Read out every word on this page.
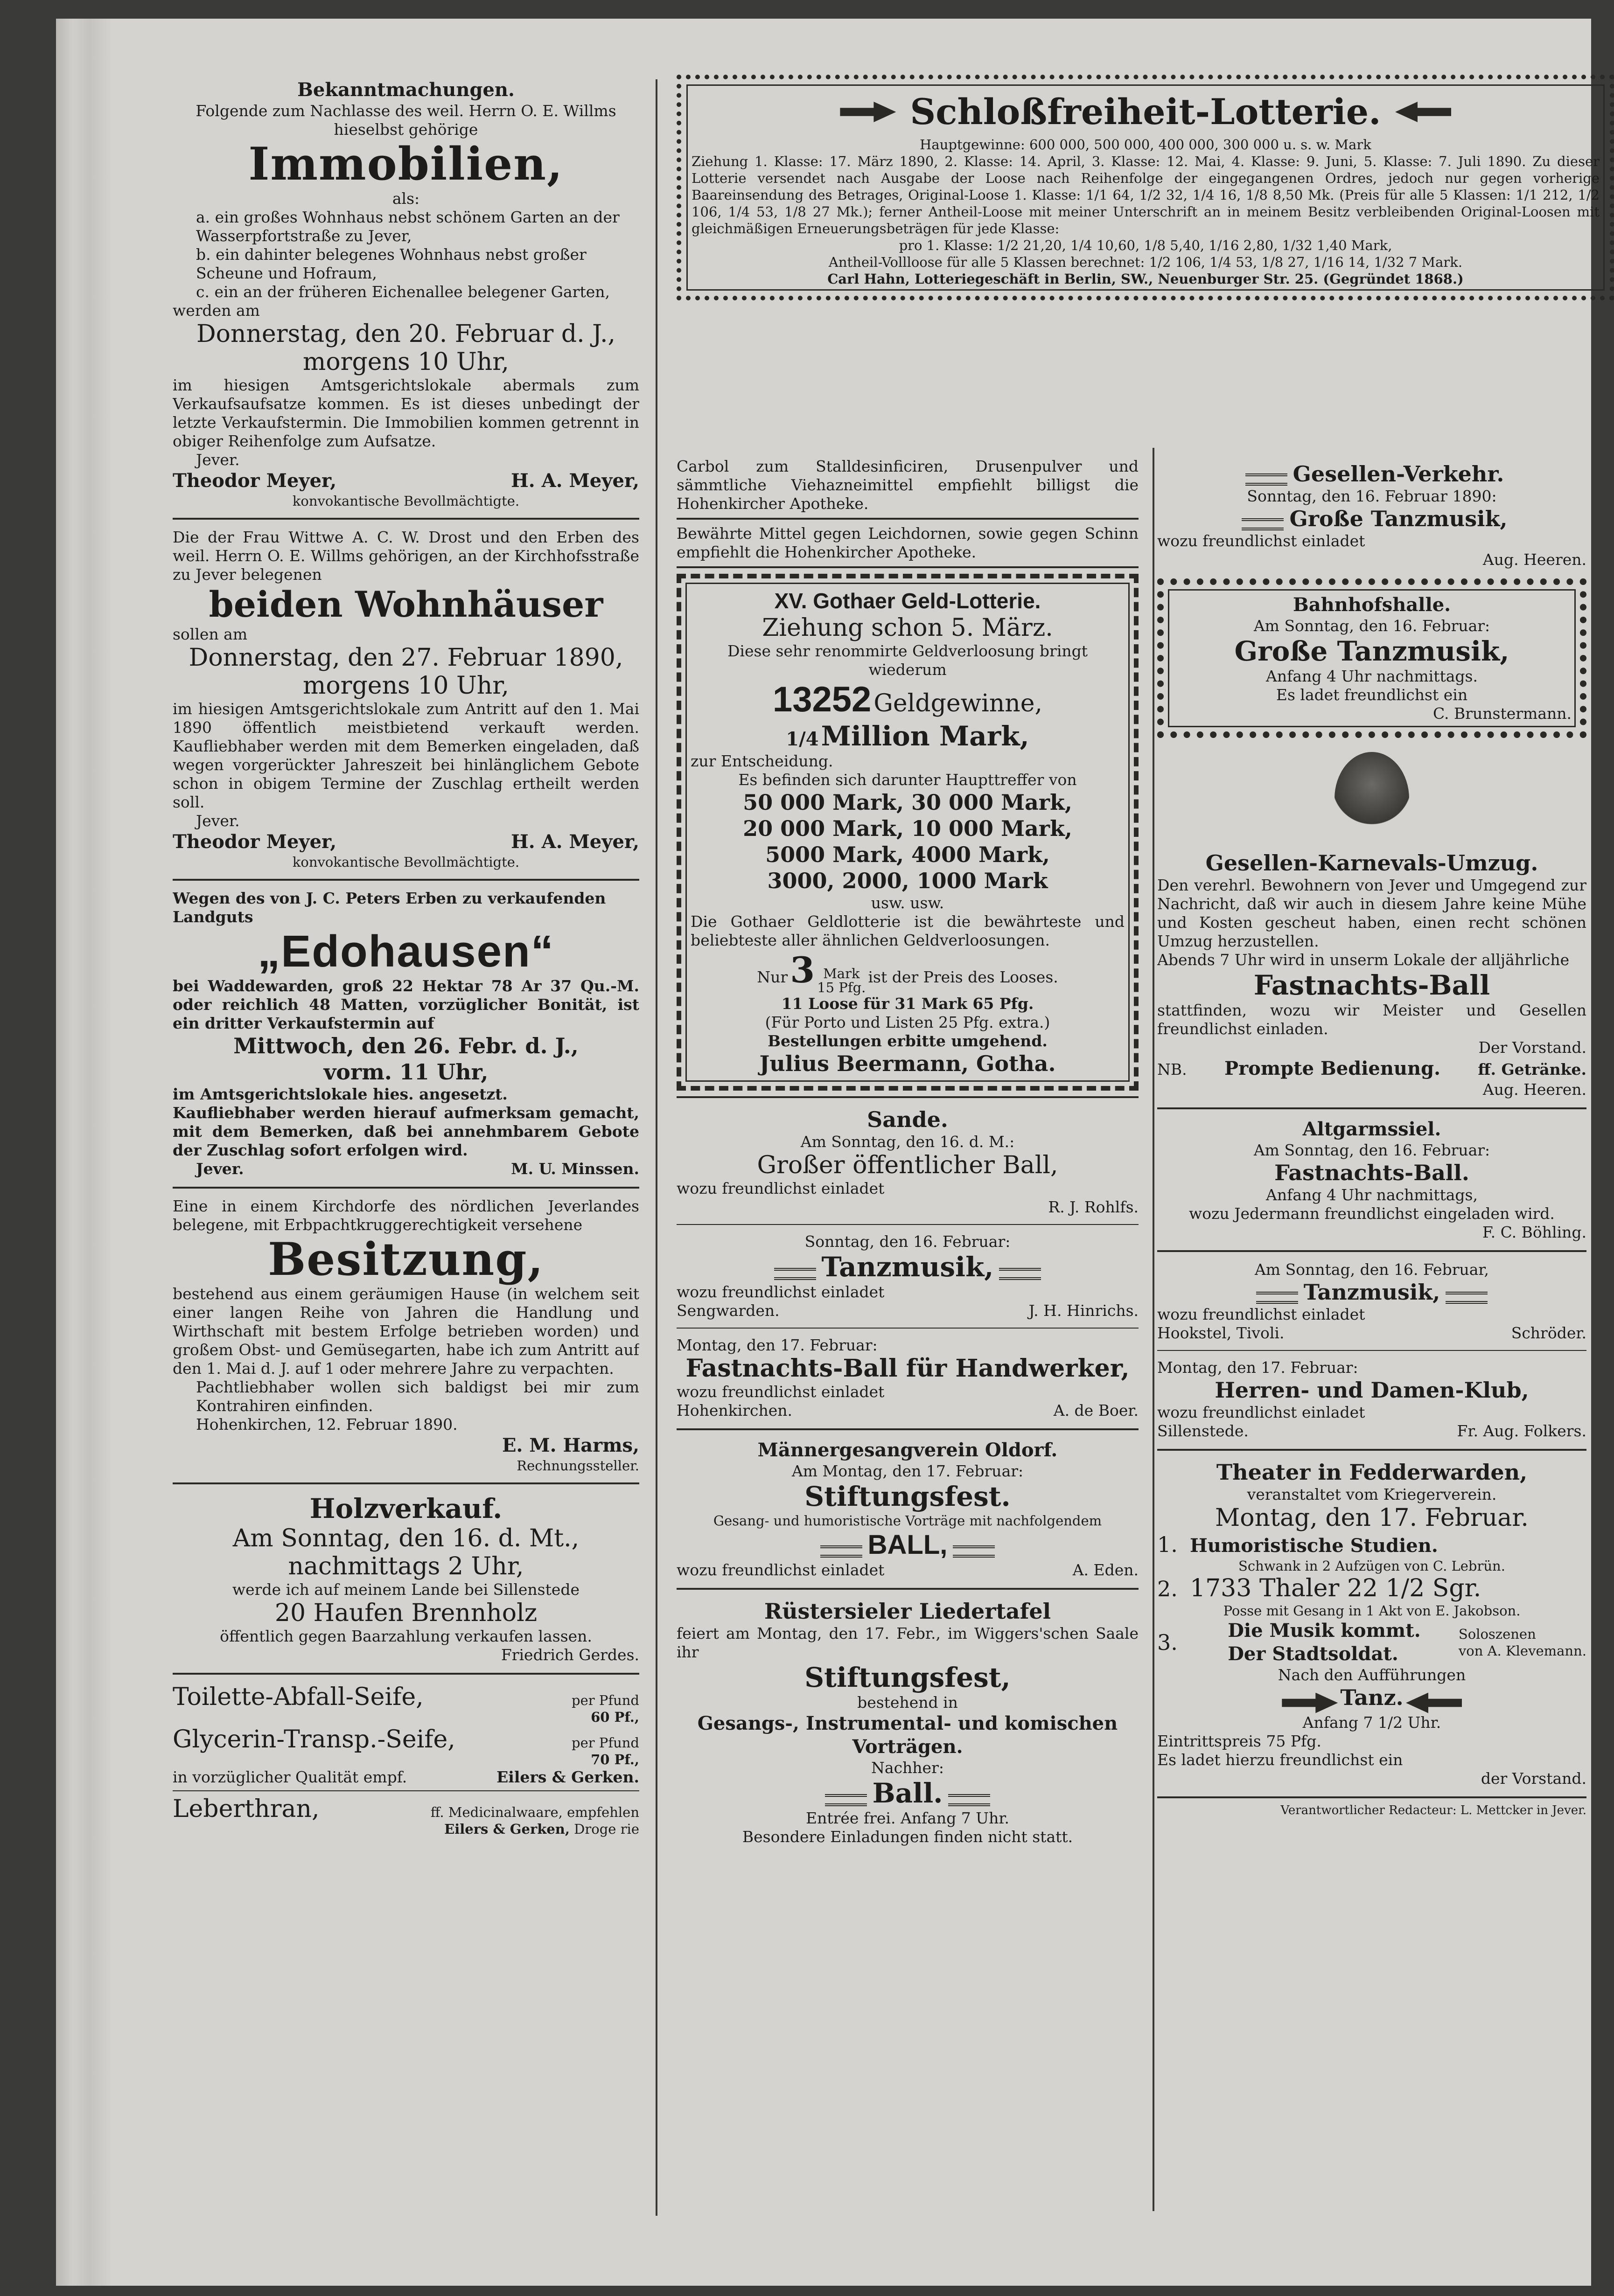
Bekanntmachungen.

Folgende zum Nachlasse des weil. Herrn O. E. Willms hieselbst gehörige

Immobilien,

als:

a. ein großes Wohnhaus nebst schönem Garten an der Wasserpfortstraße zu Jever,

b. ein dahinter belegenes Wohnhaus nebst großer Scheune und Hofraum,

c. ein an der früheren Eichenallee belegener Garten,

werden am

Donnerstag, den 20. Februar d. J.,
morgens 10 Uhr,

im hiesigen Amtsgerichtslokale abermals zum Verkaufsaufsatze kommen. Es ist dieses unbedingt der letzte Verkaufstermin. Die Immobilien kommen getrennt in obiger Reihenfolge zum Aufsatze.

Jever.

Theodor Meyer,	H. A. Meyer,

konvokantische Bevollmächtigte.

Die der Frau Wittwe A. C. W. Drost und den Erben des weil. Herrn O. E. Willms gehörigen, an der Kirchhofsstraße zu Jever belegenen

beiden Wohnhäuser

sollen am

Donnerstag, den 27. Februar 1890,
morgens 10 Uhr,

im hiesigen Amtsgerichtslokale zum Antritt auf den 1. Mai 1890 öffentlich meistbietend verkauft werden. Kaufliebhaber werden mit dem Bemerken eingeladen, daß wegen vorgerückter Jahreszeit bei hinlänglichem Gebote schon in obigem Termine der Zuschlag ertheilt werden soll.

Jever.

Theodor Meyer,	H. A. Meyer,

konvokantische Bevollmächtigte.

Wegen des von J. C. Peters Erben zu verkaufenden Landguts

„Edohausen“

bei Waddewarden, groß 22 Hektar 78 Ar 37 Qu.-M. oder reichlich 48 Matten, vorzüglicher Bonität, ist ein dritter Verkaufstermin auf

Mittwoch, den 26. Febr. d. J.,
vorm. 11 Uhr,

im Amtsgerichtslokale hies. angesetzt.

Kaufliebhaber werden hierauf aufmerksam gemacht, mit dem Bemerken, daß bei annehmbarem Gebote der Zuschlag sofort erfolgen wird.

Jever.	M. U. Minssen.

Eine in einem Kirchdorfe des nördlichen Jeverlandes belegene, mit Erbpachtkruggerechtigkeit versehene

Besitzung,

bestehend aus einem geräumigen Hause (in welchem seit einer langen Reihe von Jahren die Handlung und Wirthschaft mit bestem Erfolge betrieben worden) und großem Obst- und Gemüsegarten, habe ich zum Antritt auf den 1. Mai d. J. auf 1 oder mehrere Jahre zu verpachten.

Pachtliebhaber wollen sich baldigst bei mir zum Kontrahiren einfinden.

Hohenkirchen, 12. Februar 1890.

E. M. Harms,

Rechnungssteller.

Holzverkauf.
Am Sonntag, den 16. d. Mt.,
nachmittags 2 Uhr,

werde ich auf meinem Lande bei Sillenstede

20 Haufen Brennholz

öffentlich gegen Baarzahlung verkaufen lassen.

Friedrich Gerdes.

Toilette-Abfall-Seife,	per Pfund
60 Pf.,
Glycerin-Transp.-Seife,	per Pfund
70 Pf.,

in vorzüglicher Qualität empf.	Eilers & Gerken.

Leberthran,	ff. Medicinalwaare, empfehlen
Eilers & Gerken, Droge rie
Schloßfreiheit-Lotterie.

Hauptgewinne: 600 000, 500 000, 400 000, 300 000 u. s. w. Mark

Ziehung 1. Klasse: 17. März 1890, 2. Klasse: 14. April, 3. Klasse: 12. Mai, 4. Klasse: 9. Juni, 5. Klasse: 7. Juli 1890. Zu dieser Lotterie versendet nach Ausgabe der Loose nach Reihenfolge der eingegangenen Ordres, jedoch nur gegen vorherige Baareinsendung des Betrages, Original-Loose 1. Klasse: 1/1 64, 1/2 32, 1/4 16, 1/8 8,50 Mk. (Preis für alle 5 Klassen: 1/1 212, 1/2 106, 1/4 53, 1/8 27 Mk.); ferner Antheil-Loose mit meiner Unterschrift an in meinem Besitz verbleibenden Original-Loosen mit gleichmäßigen Erneuerungsbeträgen für jede Klasse:

pro 1. Klasse: 1/2 21,20, 1/4 10,60, 1/8 5,40, 1/16 2,80, 1/32 1,40 Mark,

Antheil-Vollloose für alle 5 Klassen berechnet: 1/2 106, 1/4 53, 1/8 27, 1/16 14, 1/32 7 Mark.

Carl Hahn, Lotteriegeschäft in Berlin, SW., Neuenburger Str. 25. (Gegründet 1868.)

Carbol zum Stalldesinficiren, Drusenpulver und sämmtliche Viehazneimittel empfiehlt billigst die Hohenkircher Apotheke.

Bewährte Mittel gegen Leichdornen, sowie gegen Schinn empfiehlt die Hohenkircher Apotheke.

XV. Gothaer Geld-Lotterie.
Ziehung schon 5. März.

Diese sehr renommirte Geldverloosung bringt wiederum

13252 Geldgewinne,
1/4 Million Mark,

zur Entscheidung.

Es befinden sich darunter Haupttreffer von

50 000 Mark, 30 000 Mark,
20 000 Mark, 10 000 Mark,
5000 Mark, 4000 Mark,
3000, 2000, 1000 Mark

usw. usw.

Die Gothaer Geldlotterie ist die bewährteste und beliebteste aller ähnlichen Geldverloosungen.

Nur 3 Mark
15 Pfg. ist der Preis des Looses.

11 Loose für 31 Mark 65 Pfg.

(Für Porto und Listen 25 Pfg. extra.)

Bestellungen erbitte umgehend.

Julius Beermann, Gotha.
Sande.

Am Sonntag, den 16. d. M.:

Großer öffentlicher Ball,

wozu freundlichst einladet

R. J. Rohlfs.

Sonntag, den 16. Februar:

Tanzmusik,

wozu freundlichst einladet

Sengwarden.	J. H. Hinrichs.

Montag, den 17. Februar:

Fastnachts-Ball für Handwerker,

wozu freundlichst einladet

Hohenkirchen.	A. de Boer.

Männergesangverein Oldorf.

Am Montag, den 17. Februar:

Stiftungsfest.

Gesang- und humoristische Vorträge mit nachfolgendem

BALL,

wozu freundlichst einladet	A. Eden.

Rüstersieler Liedertafel

feiert am Montag, den 17. Febr., im Wiggers'schen Saale ihr

Stiftungsfest,

bestehend in

Gesangs-, Instrumental- und komischen Vorträgen.

Nachher:

Ball.

Entrée frei. Anfang 7 Uhr.

Besondere Einladungen finden nicht statt.

Gesellen-Verkehr.

Sonntag, den 16. Februar 1890:

Große Tanzmusik,

wozu freundlichst einladet

Aug. Heeren.

Bahnhofshalle.

Am Sonntag, den 16. Februar:

Große Tanzmusik,

Anfang 4 Uhr nachmittags.

Es ladet freundlichst ein

C. Brunstermann.

Gesellen-Karnevals-Umzug.

Den verehrl. Bewohnern von Jever und Umgegend zur Nachricht, daß wir auch in diesem Jahre keine Mühe und Kosten gescheut haben, einen recht schönen Umzug herzustellen.

Abends 7 Uhr wird in unserm Lokale der alljährliche

Fastnachts-Ball

stattfinden, wozu wir Meister und Gesellen freundlichst einladen.

Der Vorstand.

NB. Prompte Bedienung. ff. Getränke.

Aug. Heeren.

Altgarmssiel.

Am Sonntag, den 16. Februar:

Fastnachts-Ball.

Anfang 4 Uhr nachmittags,

wozu Jedermann freundlichst eingeladen wird.

F. C. Böhling.

Am Sonntag, den 16. Februar,

Tanzmusik,

wozu freundlichst einladet

Hookstel, Tivoli.	Schröder.

Montag, den 17. Februar:

Herren- und Damen-Klub,

wozu freundlichst einladet

Sillenstede.	Fr. Aug. Folkers.

Theater in Fedderwarden,

veranstaltet vom Kriegerverein.

Montag, den 17. Februar.
1. Humoristische Studien.

Schwank in 2 Aufzügen von C. Lebrün.

2. 1733 Thaler 22 1/2 Sgr.

Posse mit Gesang in 1 Akt von E. Jakobson.

3.	Die Musik kommt.
Der Stadtsoldat.
Soloszenen
von A. Klevemann.

Nach den Aufführungen

Tanz.

Anfang 7 1/2 Uhr.

Eintrittspreis 75 Pfg.

Es ladet hierzu freundlichst ein

der Vorstand.

Verantwortlicher Redacteur: L. Mettcker in Jever.
